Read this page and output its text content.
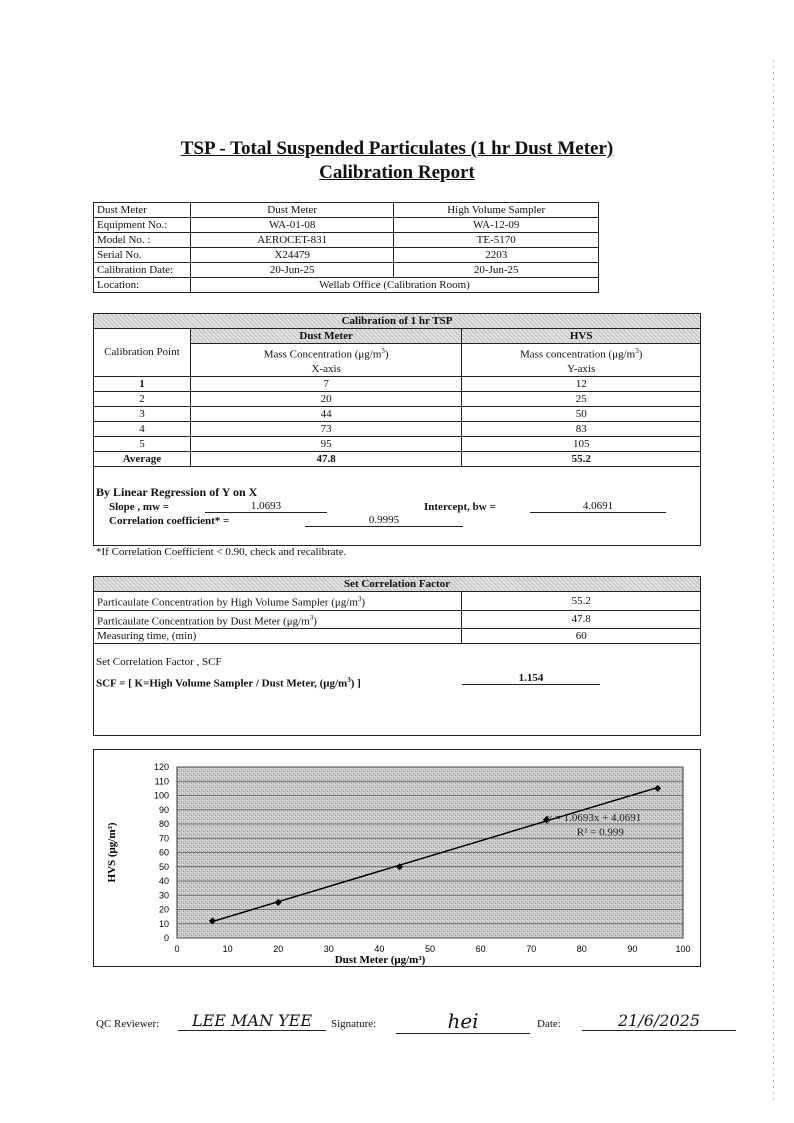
TSP - Total Suspended Particulates (1 hr Dust Meter)
Calibration Report
Dust Meter	Dust Meter	High Volume Sampler
Equipment No.:	WA-01-08	WA-12-09
Model No. :	AEROCET-831	TE-5170
Serial No.	X24479	2203
Calibration Date:	20-Jun-25	20-Jun-25
Location:	Wellab Office (Calibration Room)	
Calibration of 1 hr TSP		
Calibration Point	Dust Meter	HVS
	Mass Concentration $(\mu g/m^3)$	Mass concentration $(\mu g/m^3)$
	X-axis	Y-axis
1	7	12
2	20	25
3	44	50
4	73	83
5	95	105
Average	47.8	55.2
By Linear Regression of Y on X
Slope , mw =	1.0693	Intercept, bw =	4.0691
Correlation coefficient* =	0.9995
*If Correlation Coefficient < 0.90, check and recalibrate.
Set Correlation Factor	
Particaulate Concentration by High Volume Sampler $(\mu g/m^3)$	55.2
Particaulate Concentration by Dust Meter $(\mu g/m^3)$	47.8
Measuring time, (min)	60
Set Correlation Factor , SCF
SCF = [ K=High Volume Sampler / Dust Meter, $(\mu g/m^3)$ ]	1.154
0
10
20
30
40
50
60
70
80
90
100
110
120
0	10	20	30	40	50	60	70	80	90	100
Dust Meter (μg/m³)
HVS (μg/m³)
y = 1.0693x + 4.0691
R² = 0.999
QC Reviewer:	LEE MAN YEE	Signature:	hei	Date:	21/6/2025
